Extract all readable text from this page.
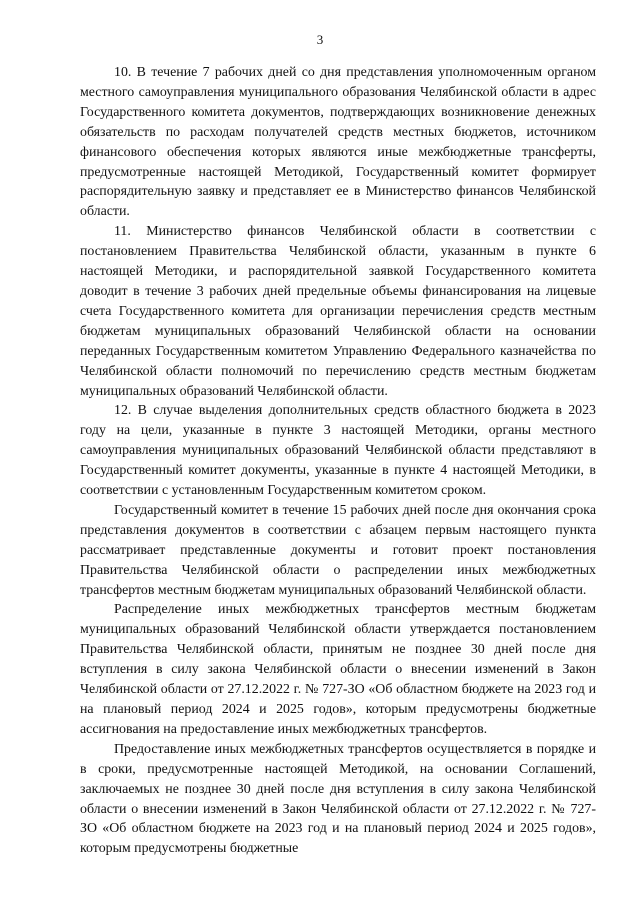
3

10. В течение 7 рабочих дней со дня представления уполномоченным органом местного самоуправления муниципального образования Челябинской области в адрес Государственного комитета документов, подтверждающих возникновение денежных обязательств по расходам получателей средств местных бюджетов, источником финансового обеспечения которых являются иные межбюджетные трансферты, предусмотренные настоящей Методикой, Государственный комитет формирует распорядительную заявку и представляет ее в Министерство финансов Челябинской области.

11. Министерство финансов Челябинской области в соответствии с постановлением Правительства Челябинской области, указанным в пункте 6 настоящей Методики, и распорядительной заявкой Государственного комитета доводит в течение 3 рабочих дней предельные объемы финансирования на лицевые счета Государственного комитета для организации перечисления средств местным бюджетам муниципальных образований Челябинской области на основании переданных Государственным комитетом Управлению Федерального казначейства по Челябинской области полномочий по перечислению средств местным бюджетам муниципальных образований Челябинской области.

12. В случае выделения дополнительных средств областного бюджета в 2023 году на цели, указанные в пункте 3 настоящей Методики, органы местного самоуправления муниципальных образований Челябинской области представляют в Государственный комитет документы, указанные в пункте 4 настоящей Методики, в соответствии с установленным Государственным комитетом сроком.

Государственный комитет в течение 15 рабочих дней после дня окончания срока представления документов в соответствии с абзацем первым настоящего пункта рассматривает представленные документы и готовит проект постановления Правительства Челябинской области о распределении иных межбюджетных трансфертов местным бюджетам муниципальных образований Челябинской области.

Распределение иных межбюджетных трансфертов местным бюджетам муниципальных образований Челябинской области утверждается постановлением Правительства Челябинской области, принятым не позднее 30 дней после дня вступления в силу закона Челябинской области о внесении изменений в Закон Челябинской области от 27.12.2022 г. № 727-ЗО «Об областном бюджете на 2023 год и на плановый период 2024 и 2025 годов», которым предусмотрены бюджетные ассигнования на предоставление иных межбюджетных трансфертов.

Предоставление иных межбюджетных трансфертов осуществляется в порядке и в сроки, предусмотренные настоящей Методикой, на основании Соглашений, заключаемых не позднее 30 дней после дня вступления в силу закона Челябинской области о внесении изменений в Закон Челябинской области от 27.12.2022 г. № 727-ЗО «Об областном бюджете на 2023 год и на плановый период 2024 и 2025 годов», которым предусмотрены бюджетные
